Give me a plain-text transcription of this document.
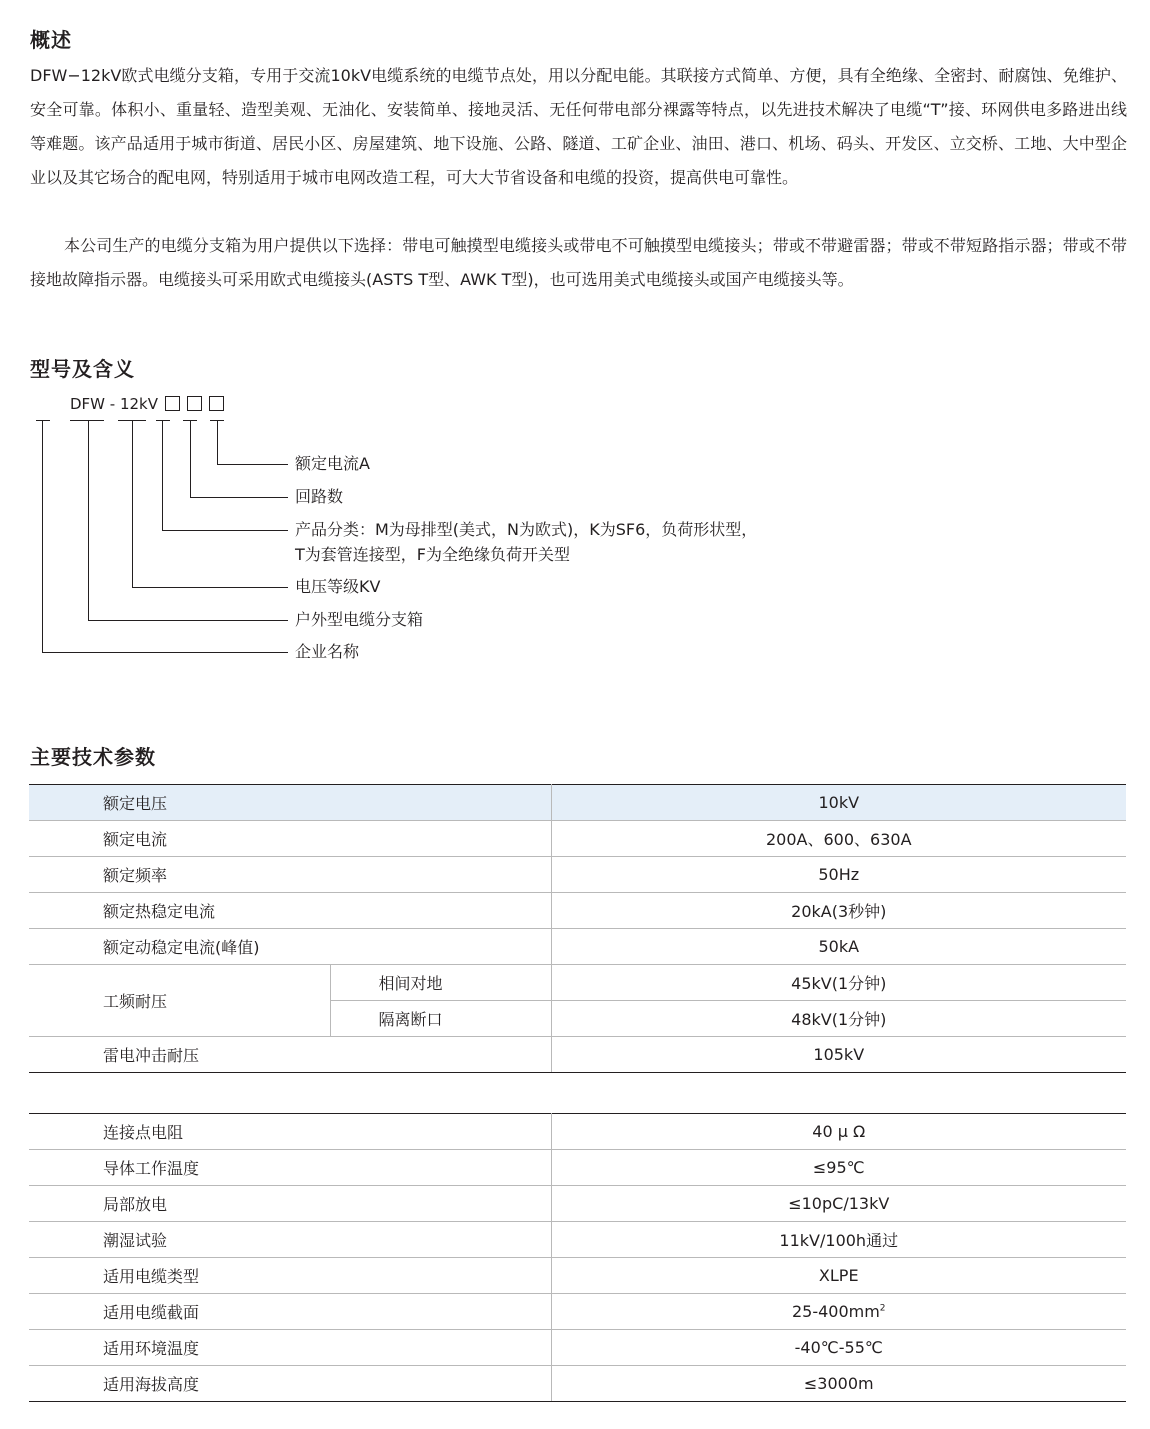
概述

DFW−12kV欧式电缆分支箱，专用于交流10kV电缆系统的电缆节点处，用以分配电能。其联接方式简单、方便，具有全绝缘、全密封、耐腐蚀、免维护、安全可靠。体积小、重量轻、造型美观、无油化、安装简单、接地灵活、无任何带电部分裸露等特点，以先进技术解决了电缆“T”接、环网供电多路进出线等难题。该产品适用于城市街道、居民小区、房屋建筑、地下设施、公路、隧道、工矿企业、油田、港口、机场、码头、开发区、立交桥、工地、大中型企业以及其它场合的配电网，特别适用于城市电网改造工程，可大大节省设备和电缆的投资，提高供电可靠性。

本公司生产的电缆分支箱为用户提供以下选择：带电可触摸型电缆接头或带电不可触摸型电缆接头；带或不带避雷器；带或不带短路指示器；带或不带接地故障指示器。电缆接头可采用欧式电缆接头(ASTS T型、AWK T型)，也可选用美式电缆接头或国产电缆接头等。

型号及含义
DFW - 12kV
额定电流A
回路数
产品分类：M为母排型(美式，N为欧式)，K为SF6，负荷形状型，
T为套管连接型，F为全绝缘负荷开关型
电压等级KV
户外型电缆分支箱
企业名称
主要技术参数
额定电压		10kV
额定电流		200A、600、630A
额定频率		50Hz
额定热稳定电流		20kA(3秒钟)
额定动稳定电流(峰值)		50kA
工频耐压	相间对地	45kV(1分钟)
	隔离断口	48kV(1分钟)
雷电冲击耐压		105kV
连接点电阻	40 μ Ω
导体工作温度	≤95℃
局部放电	≤10pC/13kV
潮湿试验	11kV/100h通过
适用电缆类型	XLPE
适用电缆截面	$25-400mm^2$
适用环境温度	-40℃-55℃
适用海拔高度	≤3000m
